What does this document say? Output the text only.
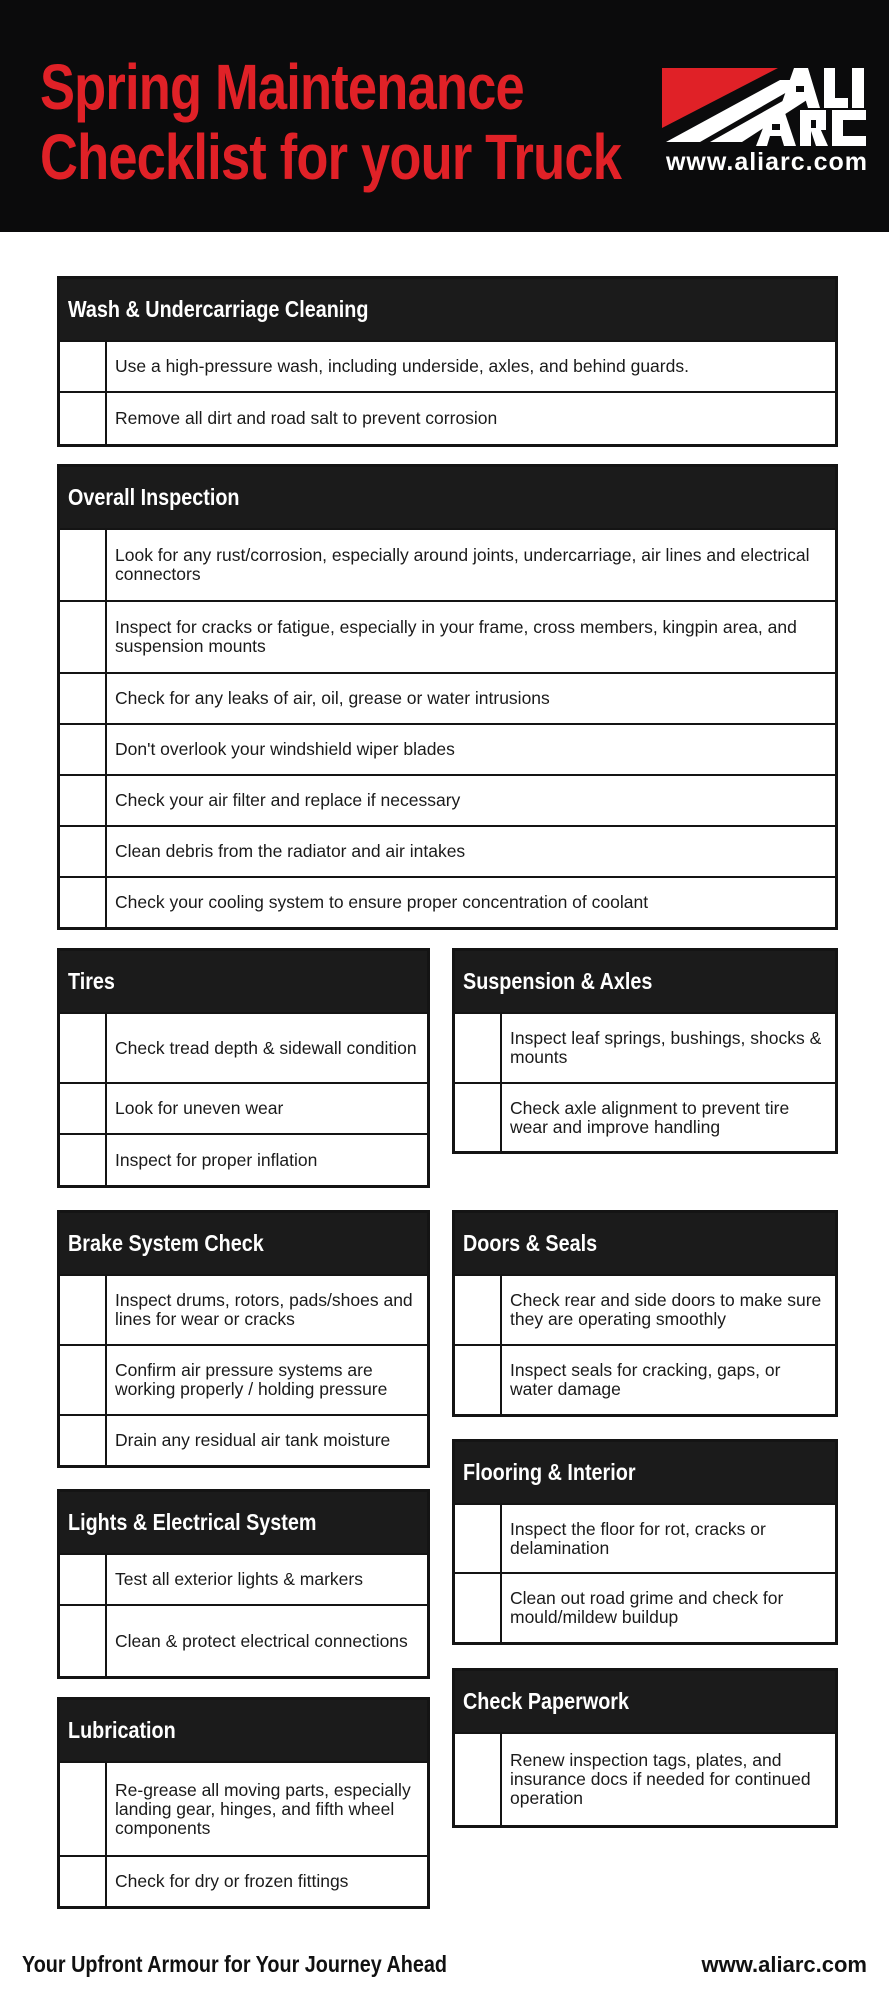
Spring Maintenance
Checklist for your Truck	www.aliarc.com
Wash & Undercarriage Cleaning
Use a high-pressure wash, including underside, axles, and behind guards.
Remove all dirt and road salt to prevent corrosion
Overall Inspection
Look for any rust/corrosion, especially around joints, undercarriage, air lines and electrical connectors
Inspect for cracks or fatigue, especially in your frame, cross members, kingpin area, and suspension mounts
Check for any leaks of air, oil, grease or water intrusions
Don't overlook your windshield wiper blades
Check your air filter and replace if necessary
Clean debris from the radiator and air intakes
Check your cooling system to ensure proper concentration of coolant
Tires
Check tread depth & sidewall condition
Look for uneven wear
Inspect for proper inflation
Suspension & Axles
Inspect leaf springs, bushings, shocks & mounts
Check axle alignment to prevent tire wear and improve handling
Brake System Check
Inspect drums, rotors, pads/shoes and lines for wear or cracks
Confirm air pressure systems are working properly / holding pressure
Drain any residual air tank moisture
Doors & Seals
Check rear and side doors to make sure they are operating smoothly
Inspect seals for cracking, gaps, or water damage
Flooring & Interior
Inspect the floor for rot, cracks or delamination
Clean out road grime and check for mould/mildew buildup
Lights & Electrical System
Test all exterior lights & markers
Clean & protect electrical connections
Check Paperwork
Renew inspection tags, plates, and insurance docs if needed for continued operation
Lubrication
Re-grease all moving parts, especially landing gear, hinges, and fifth wheel components
Check for dry or frozen fittings
Your Upfront Armour for Your Journey Ahead	www.aliarc.com
